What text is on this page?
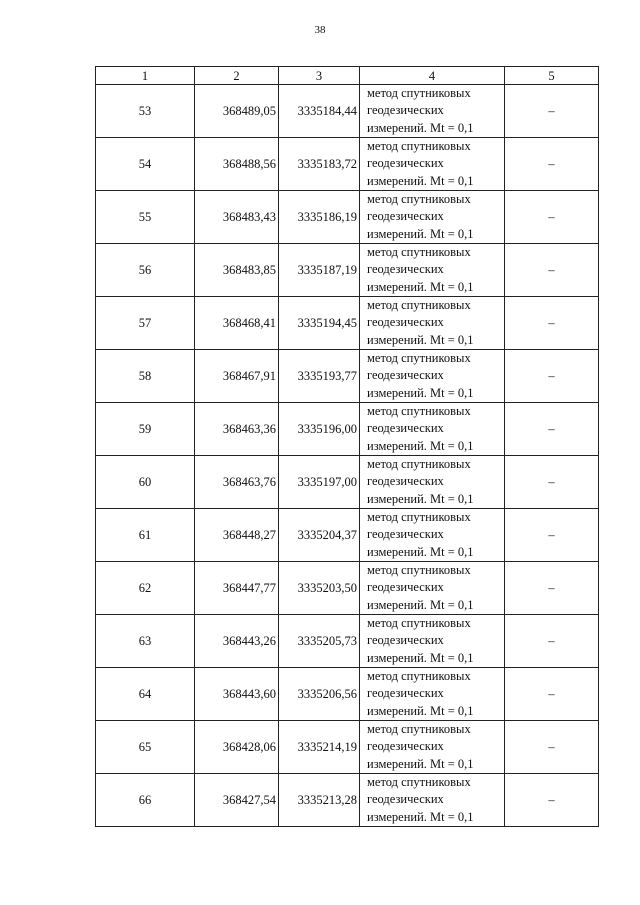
38
1	2	3	4	5
53	368489,05	3335184,44	метод спутниковых геодезических измерений. Mt = 0,1	–
54	368488,56	3335183,72	метод спутниковых геодезических измерений. Mt = 0,1	–
55	368483,43	3335186,19	метод спутниковых геодезических измерений. Mt = 0,1	–
56	368483,85	3335187,19	метод спутниковых геодезических измерений. Mt = 0,1	–
57	368468,41	3335194,45	метод спутниковых геодезических измерений. Mt = 0,1	–
58	368467,91	3335193,77	метод спутниковых геодезических измерений. Mt = 0,1	–
59	368463,36	3335196,00	метод спутниковых геодезических измерений. Mt = 0,1	–
60	368463,76	3335197,00	метод спутниковых геодезических измерений. Mt = 0,1	–
61	368448,27	3335204,37	метод спутниковых геодезических измерений. Mt = 0,1	–
62	368447,77	3335203,50	метод спутниковых геодезических измерений. Mt = 0,1	–
63	368443,26	3335205,73	метод спутниковых геодезических измерений. Mt = 0,1	–
64	368443,60	3335206,56	метод спутниковых геодезических измерений. Mt = 0,1	–
65	368428,06	3335214,19	метод спутниковых геодезических измерений. Mt = 0,1	–
66	368427,54	3335213,28	метод спутниковых геодезических измерений. Mt = 0,1	–
